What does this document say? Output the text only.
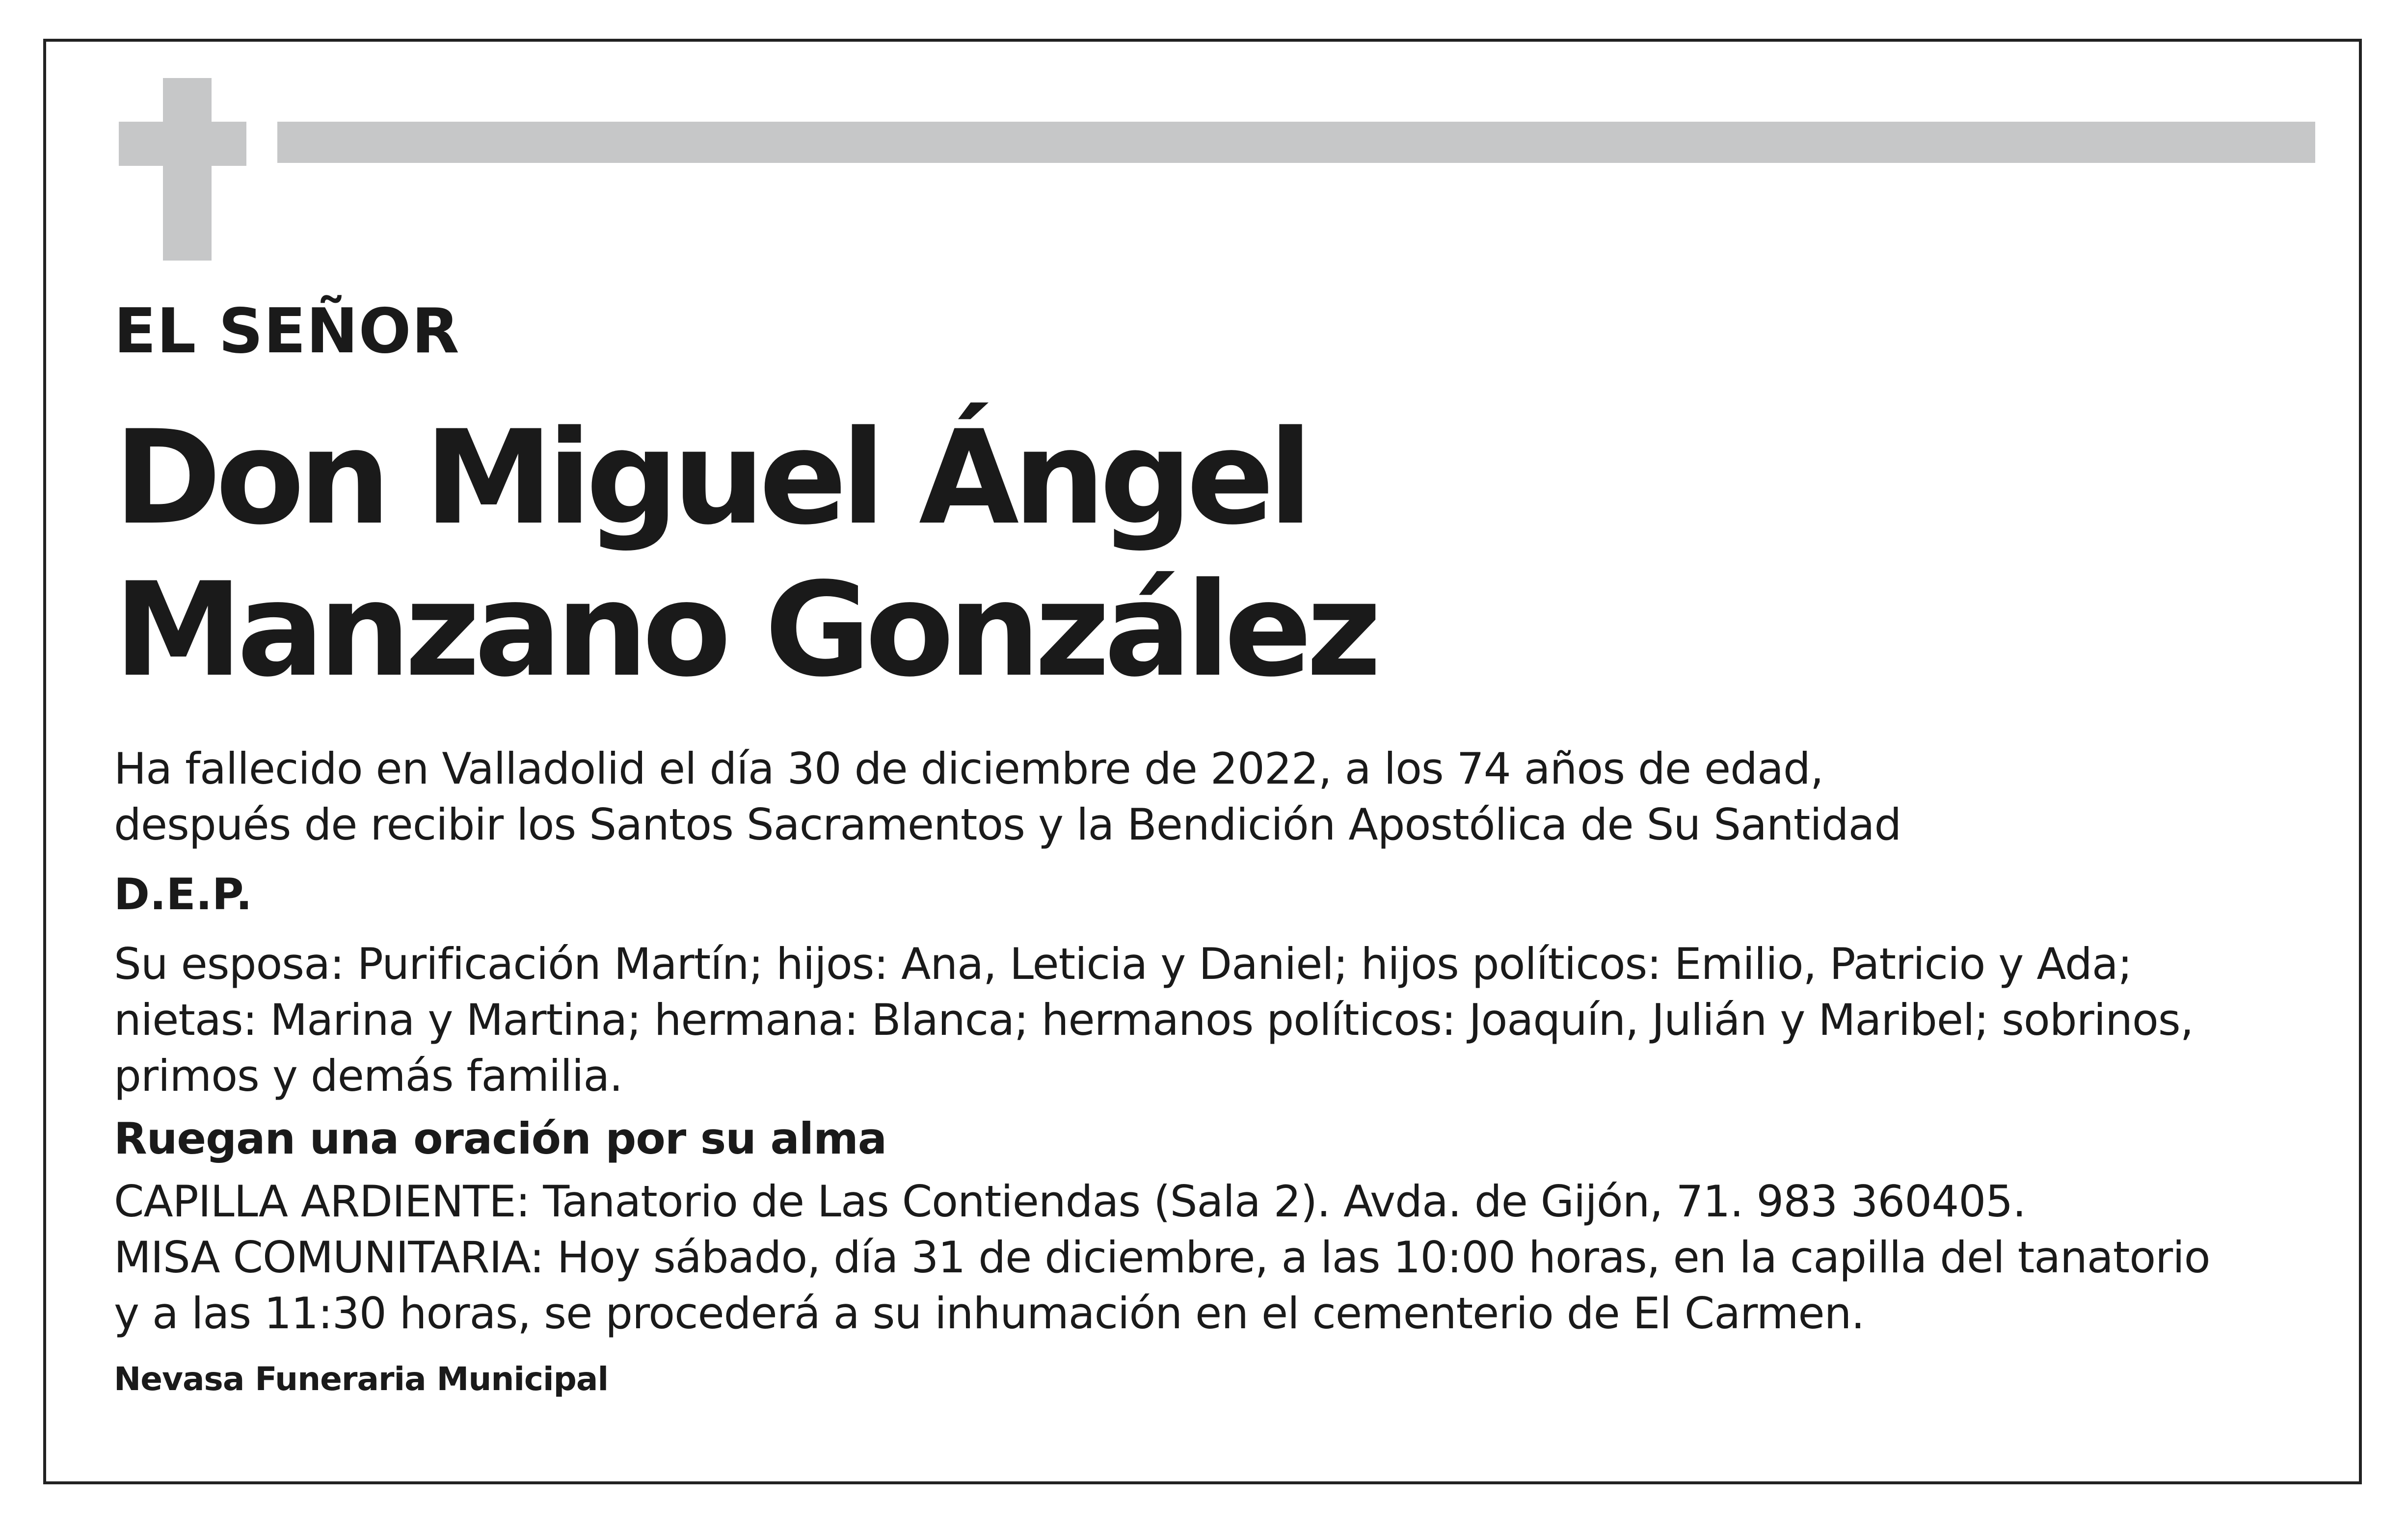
EL SEÑOR
Don Miguel Ángel
Manzano González
Ha fallecido en Valladolid el día 30 de diciembre de 2022, a los 74 años de edad,
después de recibir los Santos Sacramentos y la Bendición Apostólica de Su Santidad
D.E.P.
Su esposa: Purificación Martín; hijos: Ana, Leticia y Daniel; hijos políticos: Emilio, Patricio y Ada;
nietas: Marina y Martina; hermana: Blanca; hermanos políticos: Joaquín, Julián y Maribel; sobrinos,
primos y demás familia.
Ruegan una oración por su alma
CAPILLA ARDIENTE: Tanatorio de Las Contiendas (Sala 2). Avda. de Gijón, 71. 983 360405.
MISA COMUNITARIA: Hoy sábado, día 31 de diciembre, a las 10:00 horas, en la capilla del tanatorio
y a las 11:30 horas, se procederá a su inhumación en el cementerio de El Carmen.
Nevasa Funeraria Municipal
